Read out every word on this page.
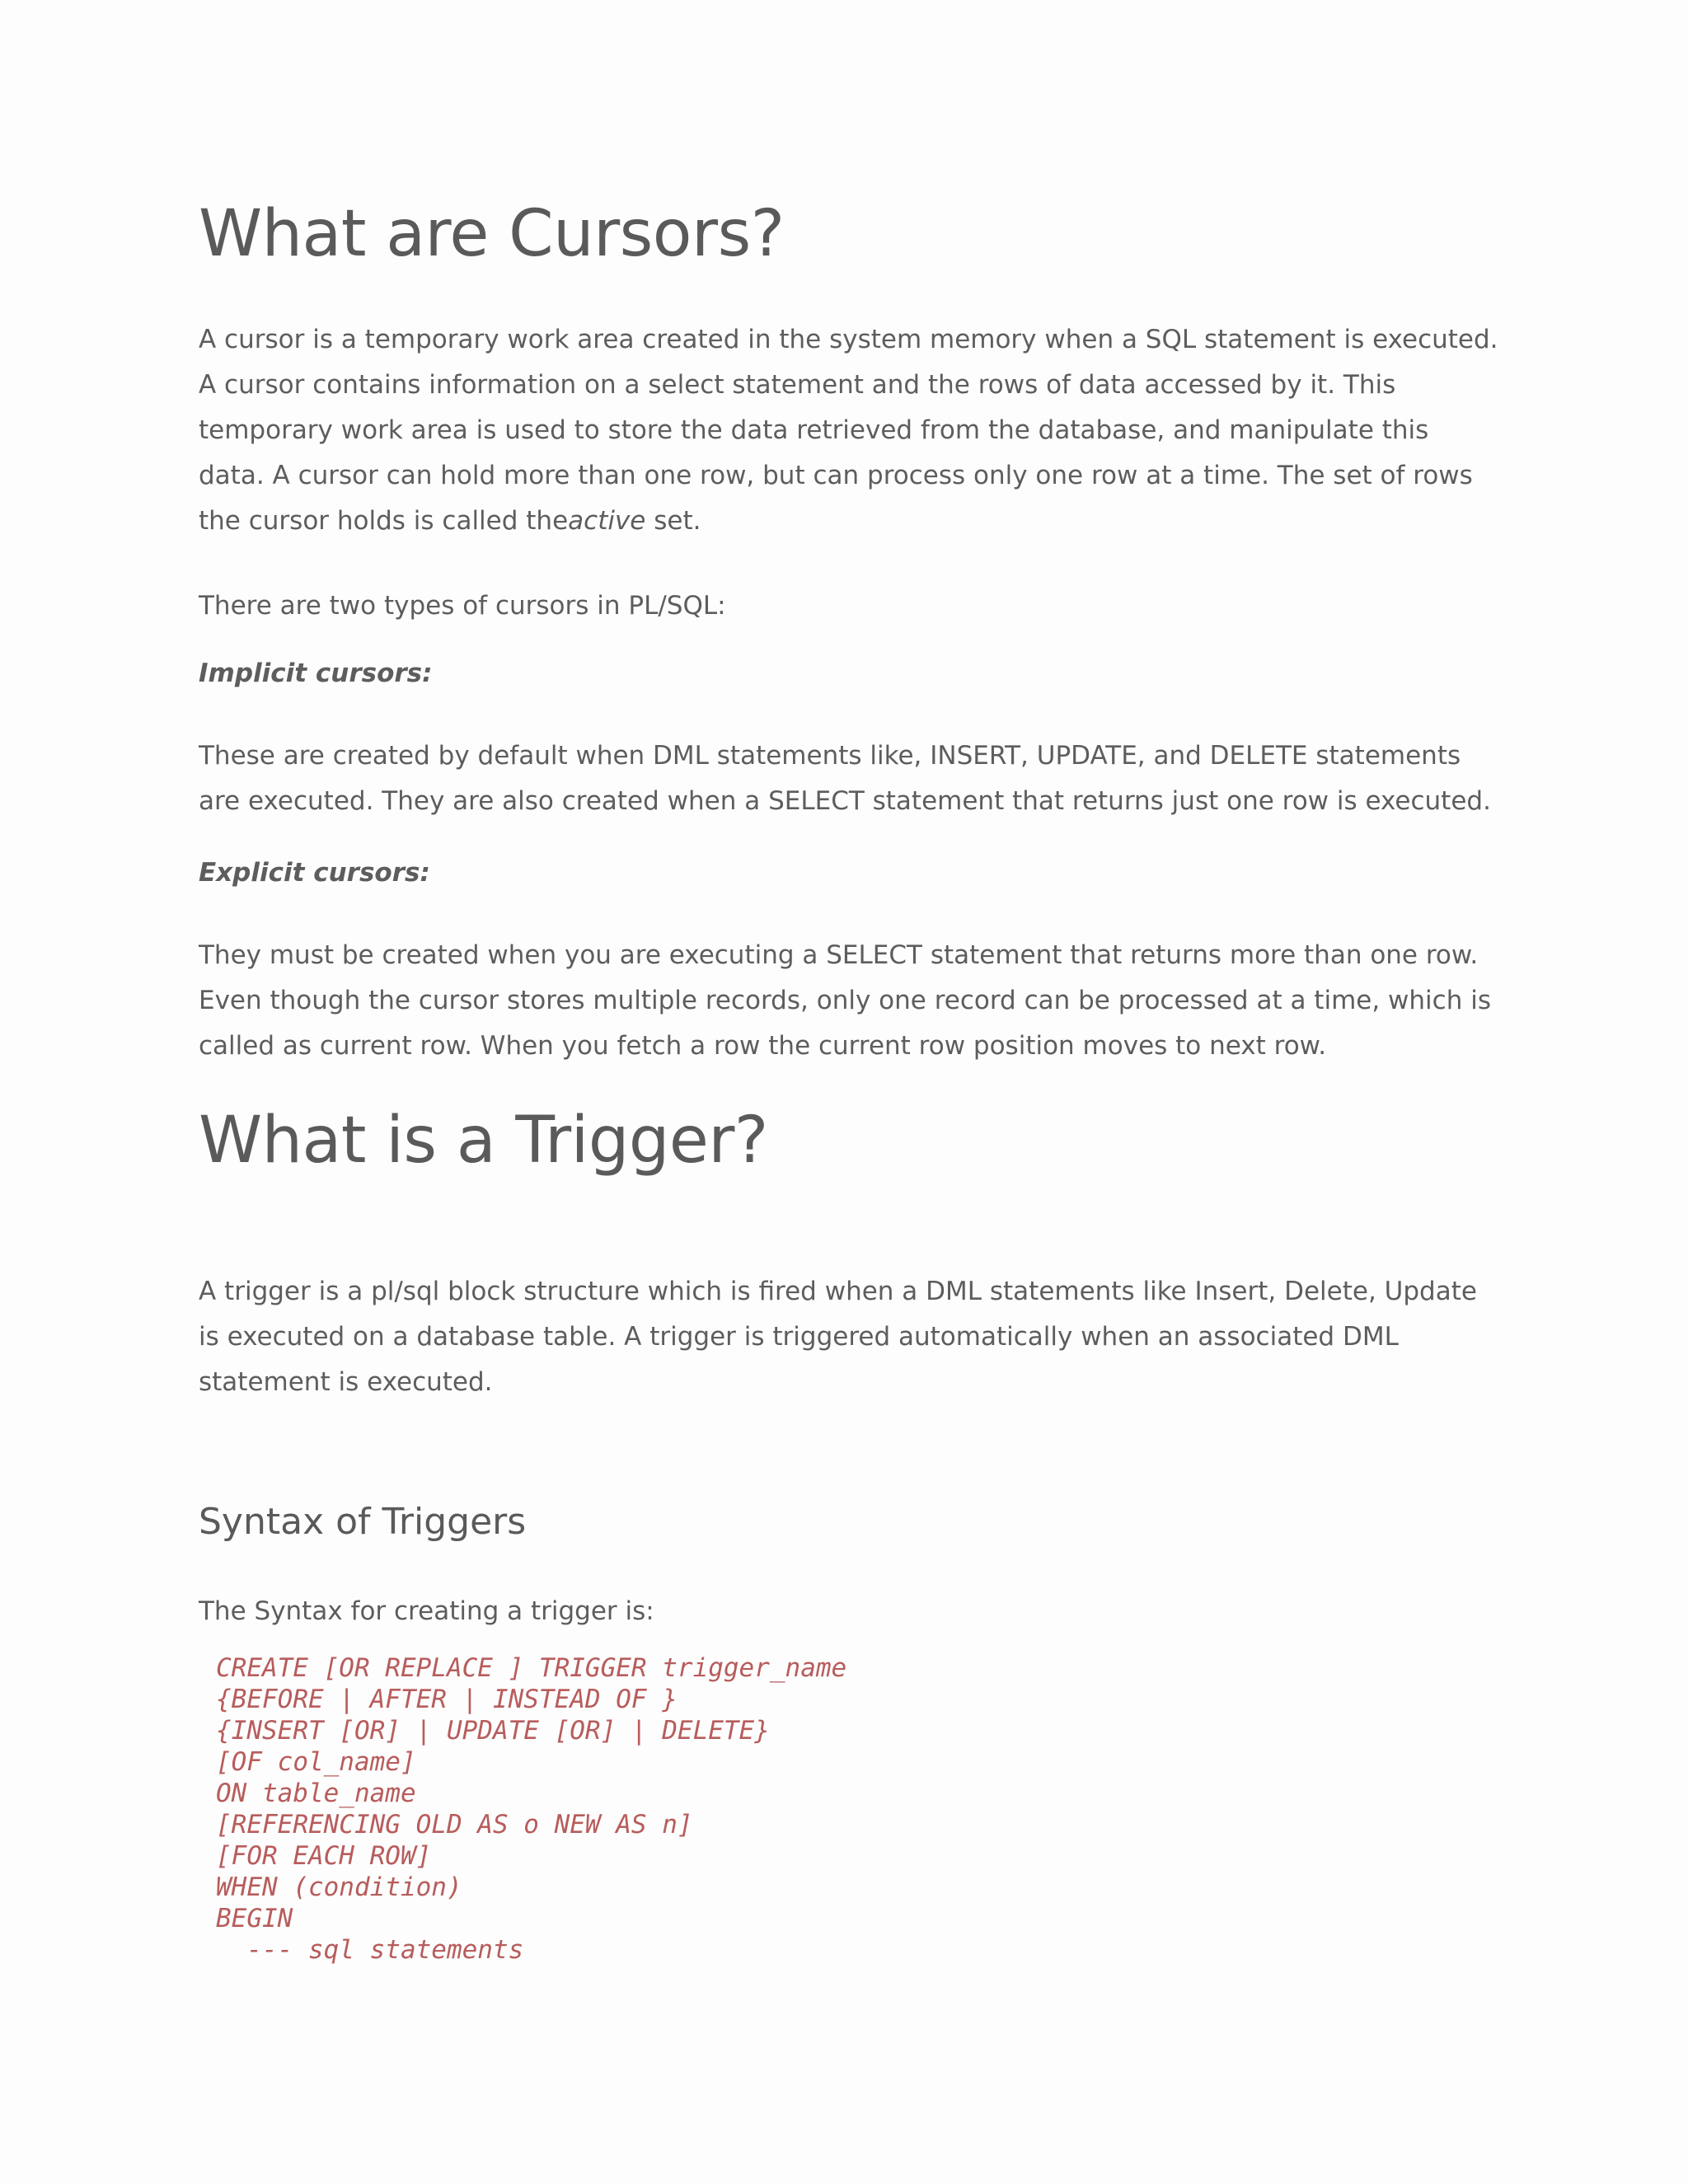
What are Cursors?

A cursor is a temporary work area created in the system memory when a SQL statement is executed. A cursor contains information on a select statement and the rows of data accessed by it. This temporary work area is used to store the data retrieved from the database, and manipulate this data. A cursor can hold more than one row, but can process only one row at a time. The set of rows the cursor holds is called theactive set.

There are two types of cursors in PL/SQL:

Implicit cursors:

These are created by default when DML statements like, INSERT, UPDATE, and DELETE statements are executed. They are also created when a SELECT statement that returns just one row is executed.

Explicit cursors:

They must be created when you are executing a SELECT statement that returns more than one row. Even though the cursor stores multiple records, only one record can be processed at a time, which is called as current row. When you fetch a row the current row position moves to next row.

What is a Trigger?

A trigger is a pl/sql block structure which is fired when a DML statements like Insert, Delete, Update is executed on a database table. A trigger is triggered automatically when an associated DML statement is executed.

Syntax of Triggers

The Syntax for creating a trigger is:

CREATE [OR REPLACE ] TRIGGER trigger_name
{BEFORE | AFTER | INSTEAD OF }
{INSERT [OR] | UPDATE [OR] | DELETE}
[OF col_name]
ON table_name
[REFERENCING OLD AS o NEW AS n]
[FOR EACH ROW]
WHEN (condition)
BEGIN
--- sql statements
